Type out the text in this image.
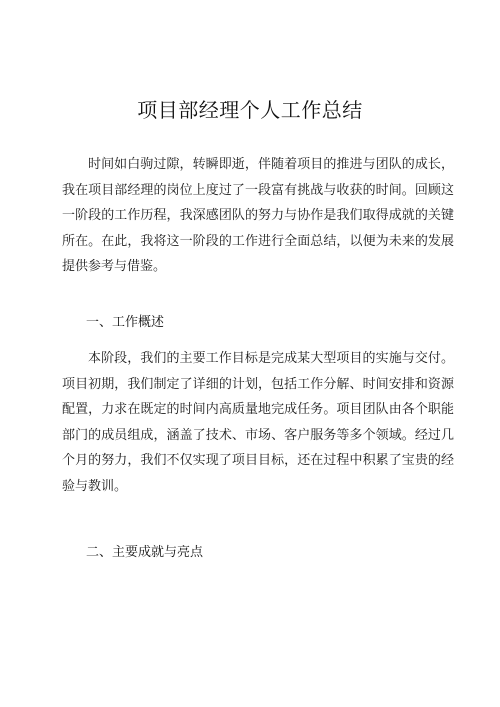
项目部经理个人工作总结

时间如白驹过隙，转瞬即逝，伴随着项目的推进与团队的成长，我在项目部经理的岗位上度过了一段富有挑战与收获的时间。回顾这一阶段的工作历程，我深感团队的努力与协作是我们取得成就的关键所在。在此，我将这一阶段的工作进行全面总结，以便为未来的发展提供参考与借鉴。

一、工作概述

本阶段，我们的主要工作目标是完成某大型项目的实施与交付。项目初期，我们制定了详细的计划，包括工作分解、时间安排和资源配置，力求在既定的时间内高质量地完成任务。项目团队由各个职能部门的成员组成，涵盖了技术、市场、客户服务等多个领域。经过几个月的努力，我们不仅实现了项目目标，还在过程中积累了宝贵的经验与教训。

二、主要成就与亮点
